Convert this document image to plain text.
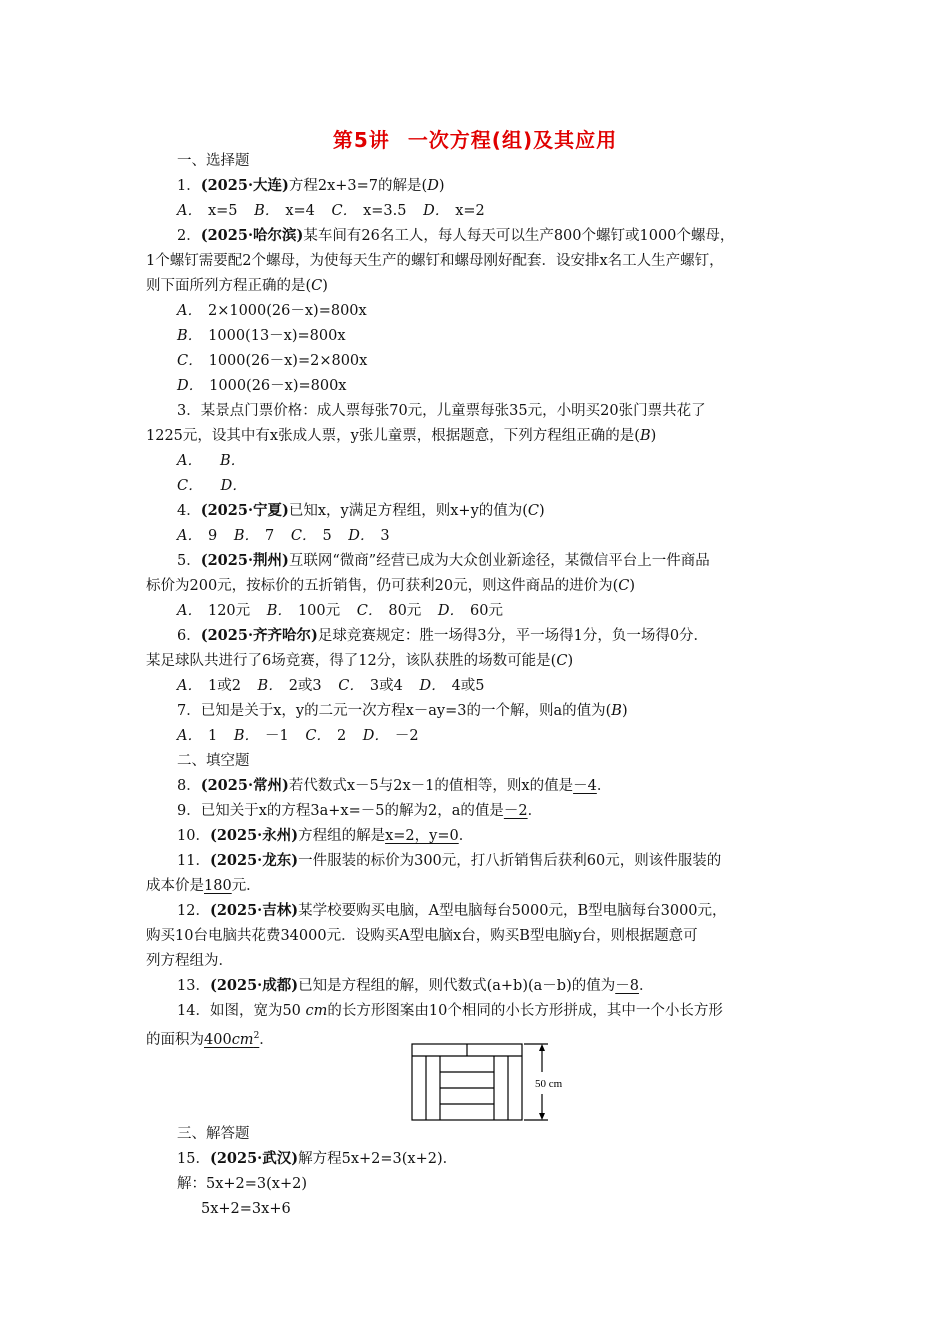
第5讲 一次方程(组)及其应用
一、选择题
1．(2025·大连)方程2x+3=7的解是(D)
A． x=5 B． x=4 C． x=3.5 D． x=2
2．(2025·哈尔滨)某车间有26名工人，每人每天可以生产800个螺钉或1000个螺母，
1个螺钉需要配2个螺母，为使每天生产的螺钉和螺母刚好配套．设安排x名工人生产螺钉，
则下面所列方程正确的是(C)
A． 2×1000(26－x)=800x
B． 1000(13－x)=800x
C． 1000(26－x)=2×800x
D． 1000(26－x)=800x
3．某景点门票价格：成人票每张70元，儿童票每张35元，小明买20张门票共花了
1225元，设其中有x张成人票，y张儿童票，根据题意，下列方程组正确的是(B)
A． B．
C． D．
4．(2025·宁夏)已知x，y满足方程组，则x+y的值为(C)
A． 9 B． 7 C． 5 D． 3
5．(2025·荆州)互联网“微商”经营已成为大众创业新途径，某微信平台上一件商品
标价为200元，按标价的五折销售，仍可获利20元，则这件商品的进价为(C)
A． 120元 B． 100元 C． 80元 D． 60元
6．(2025·齐齐哈尔)足球竞赛规定：胜一场得3分，平一场得1分，负一场得0分．
某足球队共进行了6场竞赛，得了12分，该队获胜的场数可能是(C)
A． 1或2 B． 2或3 C． 3或4 D． 4或5
7．已知是关于x，y的二元一次方程x－ay=3的一个解，则a的值为(B)
A． 1 B． －1 C． 2 D． －2
二、填空题
8．(2025·常州)若代数式x－5与2x－1的值相等，则x的值是－4．
9．已知关于x的方程3a+x=－5的解为2，a的值是－2．
10．(2025·永州)方程组的解是x=2，y=0．
11．(2025·龙东)一件服装的标价为300元，打八折销售后获利60元，则该件服装的
成本价是180元．
12．(2025·吉林)某学校要购买电脑，A型电脑每台5000元，B型电脑每台3000元，
购买10台电脑共花费34000元．设购买A型电脑x台，购买B型电脑y台，则根据题意可
列方程组为．
13．(2025·成都)已知是方程组的解，则代数式(a+b)(a－b)的值为－8．
14．如图，宽为50 cm的长方形图案由10个相同的小长方形拼成，其中一个小长方形
的面积为$400cm^2$．
50 cm
三、解答题
15．(2025·武汉)解方程5x+2=3(x+2)．
解：5x+2=3(x+2)
5x+2=3x+6
